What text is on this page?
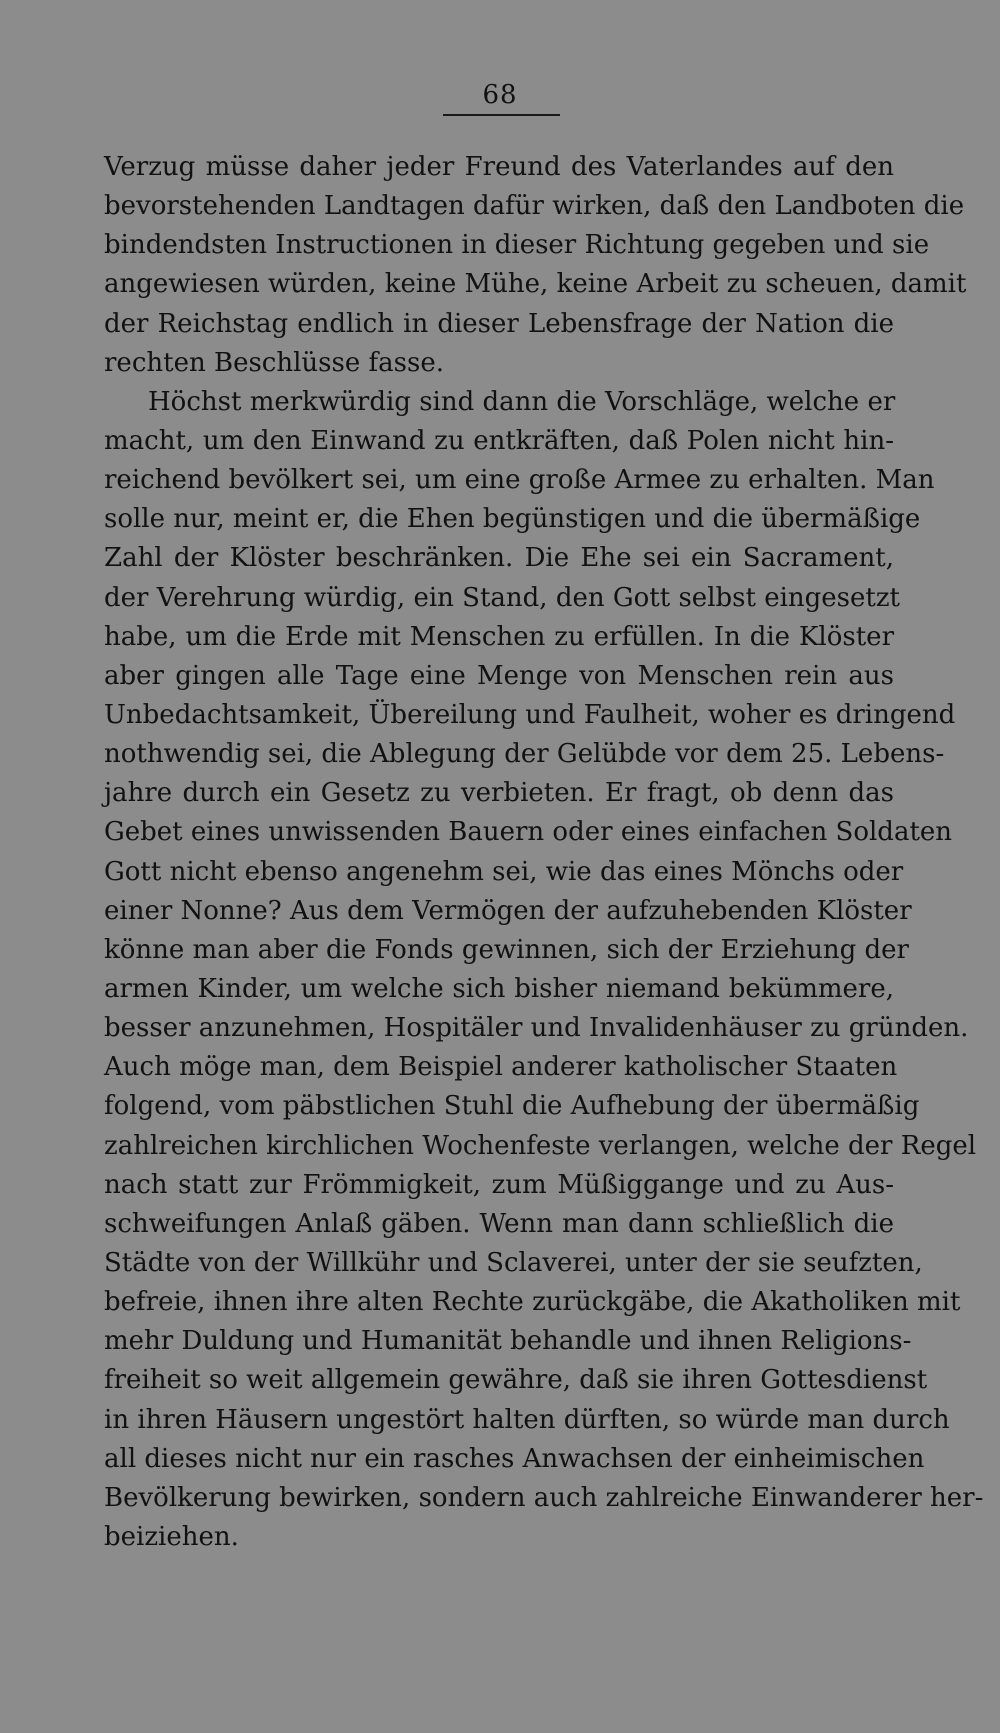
68
Verzug müsse daher jeder Freund des Vaterlandes auf den
bevorstehenden Landtagen dafür wirken, daß den Landboten die
bindendsten Instructionen in dieser Richtung gegeben und sie
angewiesen würden, keine Mühe, keine Arbeit zu scheuen, damit
der Reichstag endlich in dieser Lebensfrage der Nation die
rechten Beschlüsse fasse.
Höchst merkwürdig sind dann die Vorschläge, welche er
macht, um den Einwand zu entkräften, daß Polen nicht hin-
reichend bevölkert sei, um eine große Armee zu erhalten. Man
solle nur, meint er, die Ehen begünstigen und die übermäßige
Zahl der Klöster beschränken. Die Ehe sei ein Sacrament,
der Verehrung würdig, ein Stand, den Gott selbst eingesetzt
habe, um die Erde mit Menschen zu erfüllen. In die Klöster
aber gingen alle Tage eine Menge von Menschen rein aus
Unbedachtsamkeit, Übereilung und Faulheit, woher es dringend
nothwendig sei, die Ablegung der Gelübde vor dem 25. Lebens-
jahre durch ein Gesetz zu verbieten. Er fragt, ob denn das
Gebet eines unwissenden Bauern oder eines einfachen Soldaten
Gott nicht ebenso angenehm sei, wie das eines Mönchs oder
einer Nonne? Aus dem Vermögen der aufzuhebenden Klöster
könne man aber die Fonds gewinnen, sich der Erziehung der
armen Kinder, um welche sich bisher niemand bekümmere,
besser anzunehmen, Hospitäler und Invalidenhäuser zu gründen.
Auch möge man, dem Beispiel anderer katholischer Staaten
folgend, vom päbstlichen Stuhl die Aufhebung der übermäßig
zahlreichen kirchlichen Wochenfeste verlangen, welche der Regel
nach statt zur Frömmigkeit, zum Müßiggange und zu Aus-
schweifungen Anlaß gäben. Wenn man dann schließlich die
Städte von der Willkühr und Sclaverei, unter der sie seufzten,
befreie, ihnen ihre alten Rechte zurückgäbe, die Akatholiken mit
mehr Duldung und Humanität behandle und ihnen Religions-
freiheit so weit allgemein gewähre, daß sie ihren Gottesdienst
in ihren Häusern ungestört halten dürften, so würde man durch
all dieses nicht nur ein rasches Anwachsen der einheimischen
Bevölkerung bewirken, sondern auch zahlreiche Einwanderer her-
beiziehen.
